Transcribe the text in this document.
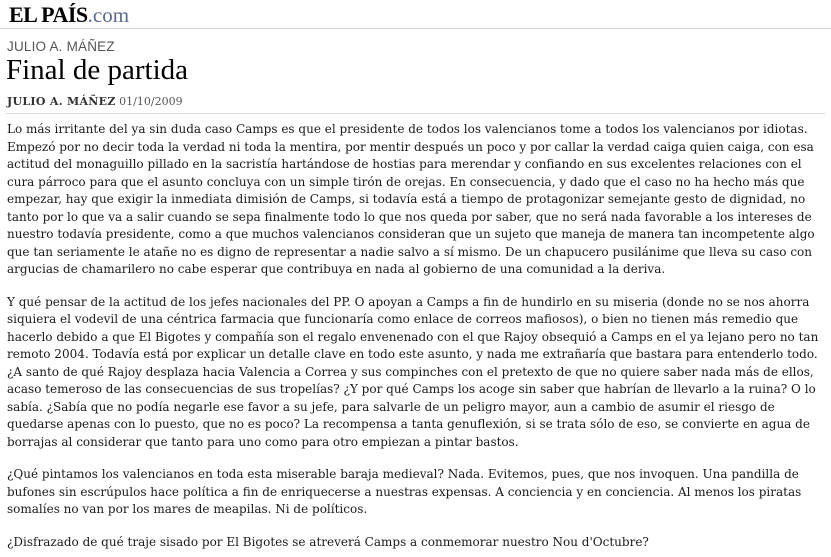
EL PAÍS.com
JULIO A. MÁÑEZ
Final de partida
JULIO A. MÁÑEZ 01/10/2009

Lo más irritante del ya sin duda caso Camps es que el presidente de todos los valencianos tome a todos los valencianos por idiotas. Empezó por no decir toda la verdad ni toda la mentira, por mentir después un poco y por callar la verdad caiga quien caiga, con esa actitud del monaguillo pillado en la sacristía hartándose de hostias para merendar y confiando en sus excelentes relaciones con el cura párroco para que el asunto concluya con un simple tirón de orejas. En consecuencia, y dado que el caso no ha hecho más que empezar, hay que exigir la inmediata dimisión de Camps, si todavía está a tiempo de protagonizar semejante gesto de dignidad, no tanto por lo que va a salir cuando se sepa finalmente todo lo que nos queda por saber, que no será nada favorable a los intereses de nuestro todavía presidente, como a que muchos valencianos consideran que un sujeto que maneja de manera tan incompetente algo que tan seriamente le atañe no es digno de representar a nadie salvo a sí mismo. De un chapucero pusilánime que lleva su caso con argucias de chamarilero no cabe esperar que contribuya en nada al gobierno de una comunidad a la deriva.

Y qué pensar de la actitud de los jefes nacionales del PP. O apoyan a Camps a fin de hundirlo en su miseria (donde no se nos ahorra siquiera el vodevil de una céntrica farmacia que funcionaría como enlace de correos mafiosos), o bien no tienen más remedio que hacerlo debido a que El Bigotes y compañía son el regalo envenenado con el que Rajoy obsequió a Camps en el ya lejano pero no tan remoto 2004. Todavía está por explicar un detalle clave en todo este asunto, y nada me extrañaría que bastara para entenderlo todo. ¿A santo de qué Rajoy desplaza hacia Valencia a Correa y sus compinches con el pretexto de que no quiere saber nada más de ellos, acaso temeroso de las consecuencias de sus tropelías? ¿Y por qué Camps los acoge sin saber que habrían de llevarlo a la ruina? O lo sabía. ¿Sabía que no podía negarle ese favor a su jefe, para salvarle de un peligro mayor, aun a cambio de asumir el riesgo de quedarse apenas con lo puesto, que no es poco? La recompensa a tanta genuflexión, si se trata sólo de eso, se convierte en agua de borrajas al considerar que tanto para uno como para otro empiezan a pintar bastos.

¿Qué pintamos los valencianos en toda esta miserable baraja medieval? Nada. Evitemos, pues, que nos invoquen. Una pandilla de bufones sin escrúpulos hace política a fin de enriquecerse a nuestras expensas. A conciencia y en conciencia. Al menos los piratas somalíes no van por los mares de meapilas. Ni de políticos.

¿Disfrazado de qué traje sisado por El Bigotes se atreverá Camps a conmemorar nuestro Nou d'Octubre?
